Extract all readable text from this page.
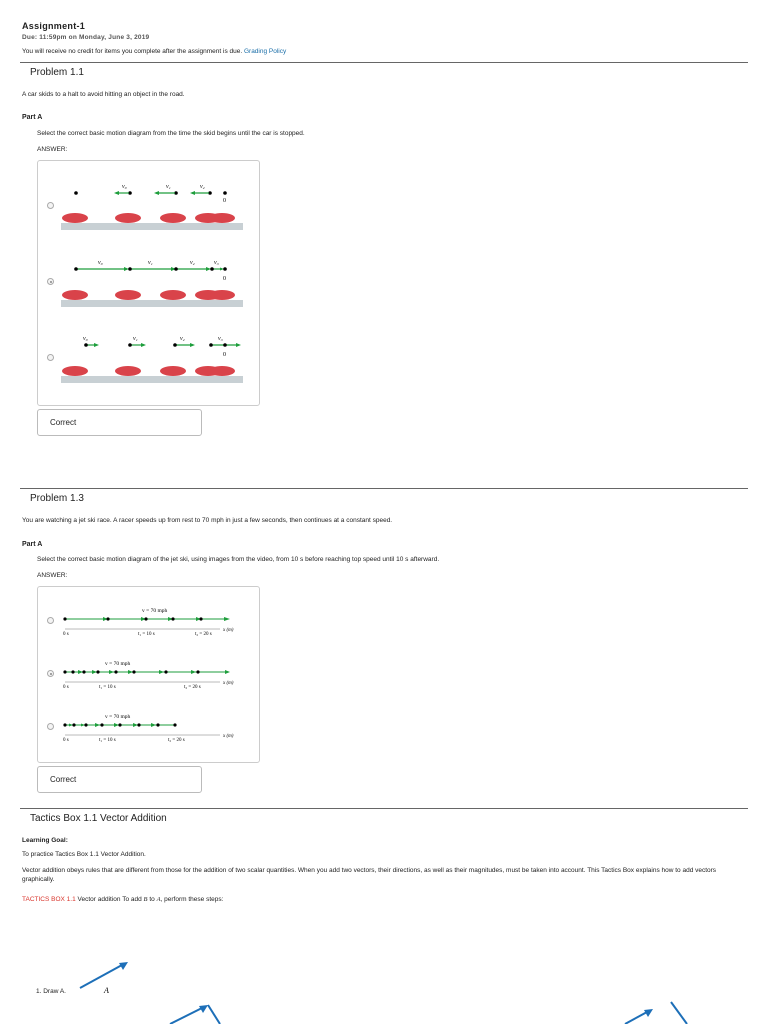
Assignment-1
Due: 11:59pm on Monday, June 3, 2019
You will receive no credit for items you complete after the assignment is due. Grading Policy
Problem 1.1
A car skids to a halt to avoid hitting an object in the road.
Part A
Select the correct basic motion diagram from the time the skid begins until the car is stopped.
ANSWER:
v₀	v₁	v₂
0
v₀	v₁	v₂	v₃
0
v₀	v₁	v₂	v₃
0
Correct
Problem 1.3
You are watching a jet ski race. A racer speeds up from rest to 70 mph in just a few seconds, then continues at a constant speed.
Part A
Select the correct basic motion diagram of the jet ski, using images from the video, from 10 s before reaching top speed until 10 s afterward.
ANSWER:
v = 70 mph
x (m)
0 s	t₁ = 10 s	t₂ = 20 s
v = 70 mph
x (m)
0 s	t₁ = 10 s	t₂ = 20 s
v = 70 mph
x (m)
0 s	t₁ = 10 s	t₂ = 20 s
Correct
Tactics Box 1.1 Vector Addition
Learning Goal:
To practice Tactics Box 1.1 Vector Addition.
Vector addition obeys rules that are different from those for the addition of two scalar quantities. When you add two vectors, their directions, as well as their magnitudes, must be taken into account. This Tactics Box explains how to add vectors graphically.
TACTICS BOX 1.1 Vector addition To add B to A, perform these steps:
1. Draw A.	A
